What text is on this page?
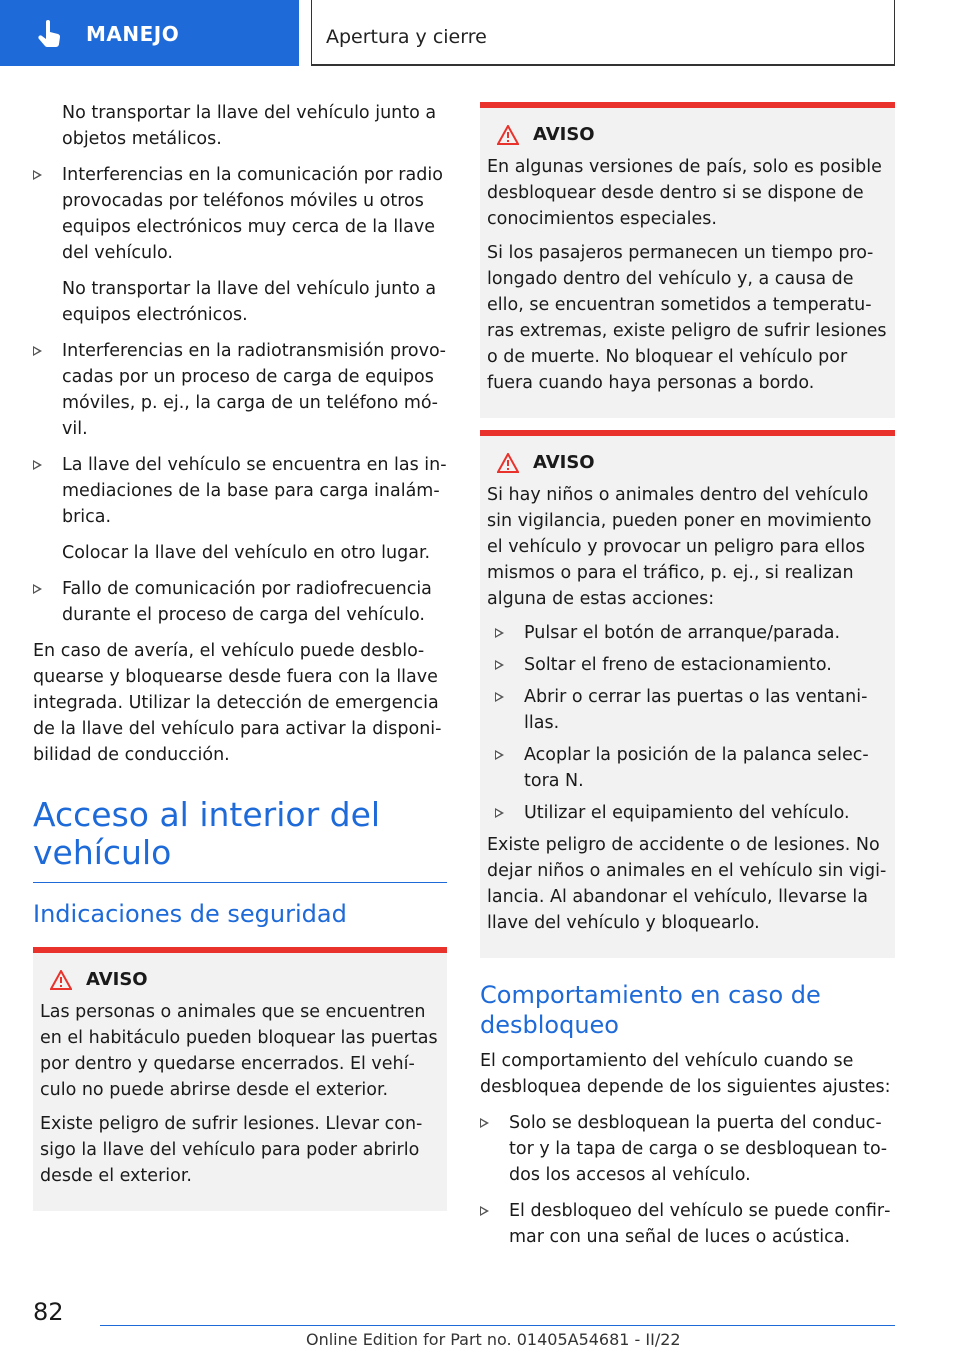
MANEJO	Apertura y cierre

No transportar la llave del vehículo junto a objetos metálicos.

Interferencias en la comunicación por radio provocadas por teléfonos móviles u otros equipos electrónicos muy cerca de la llave del vehículo.

No transportar la llave del vehículo junto a equipos electrónicos.

Interferencias en la radiotransmisión provocadas por un proceso de carga de equipos móviles, p. ej., la carga de un teléfono móvil.

La llave del vehículo se encuentra en las inmediaciones de la base para carga inalámbrica.

Colocar la llave del vehículo en otro lugar.

Fallo de comunicación por radiofrecuencia durante el proceso de carga del vehículo.

En caso de avería, el vehículo puede desbloquearse y bloquearse desde fuera con la llave integrada. Utilizar la detección de emergencia de la llave del vehículo para activar la disponibilidad de conducción.

Acceso al interior del vehículo
Indicaciones de seguridad
AVISO

Las personas o animales que se encuentren en el habitáculo pueden bloquear las puertas por dentro y quedarse encerrados. El vehículo no puede abrirse desde el exterior.

Existe peligro de sufrir lesiones. Llevar consigo la llave del vehículo para poder abrirlo desde el exterior.

AVISO

En algunas versiones de país, solo es posible desbloquear desde dentro si se dispone de conocimientos especiales.

Si los pasajeros permanecen un tiempo prolongado dentro del vehículo y, a causa de ello, se encuentran sometidos a temperaturas extremas, existe peligro de sufrir lesiones o de muerte. No bloquear el vehículo por fuera cuando haya personas a bordo.

AVISO

Si hay niños o animales dentro del vehículo sin vigilancia, pueden poner en movimiento el vehículo y provocar un peligro para ellos mismos o para el tráfico, p. ej., si realizan alguna de estas acciones:

Pulsar el botón de arranque/parada.

Soltar el freno de estacionamiento.

Abrir o cerrar las puertas o las ventanillas.

Acoplar la posición de la palanca selectora N.

Utilizar el equipamiento del vehículo.

Existe peligro de accidente o de lesiones. No dejar niños o animales en el vehículo sin vigilancia. Al abandonar el vehículo, llevarse la llave del vehículo y bloquearlo.

Comportamiento en caso de desbloqueo

El comportamiento del vehículo cuando se desbloquea depende de los siguientes ajustes:

Solo se desbloquean la puerta del conductor y la tapa de carga o se desbloquean todos los accesos al vehículo.

El desbloqueo del vehículo se puede confirmar con una señal de luces o acústica.

82
Online Edition for Part no. 01405A54681 - II/22
